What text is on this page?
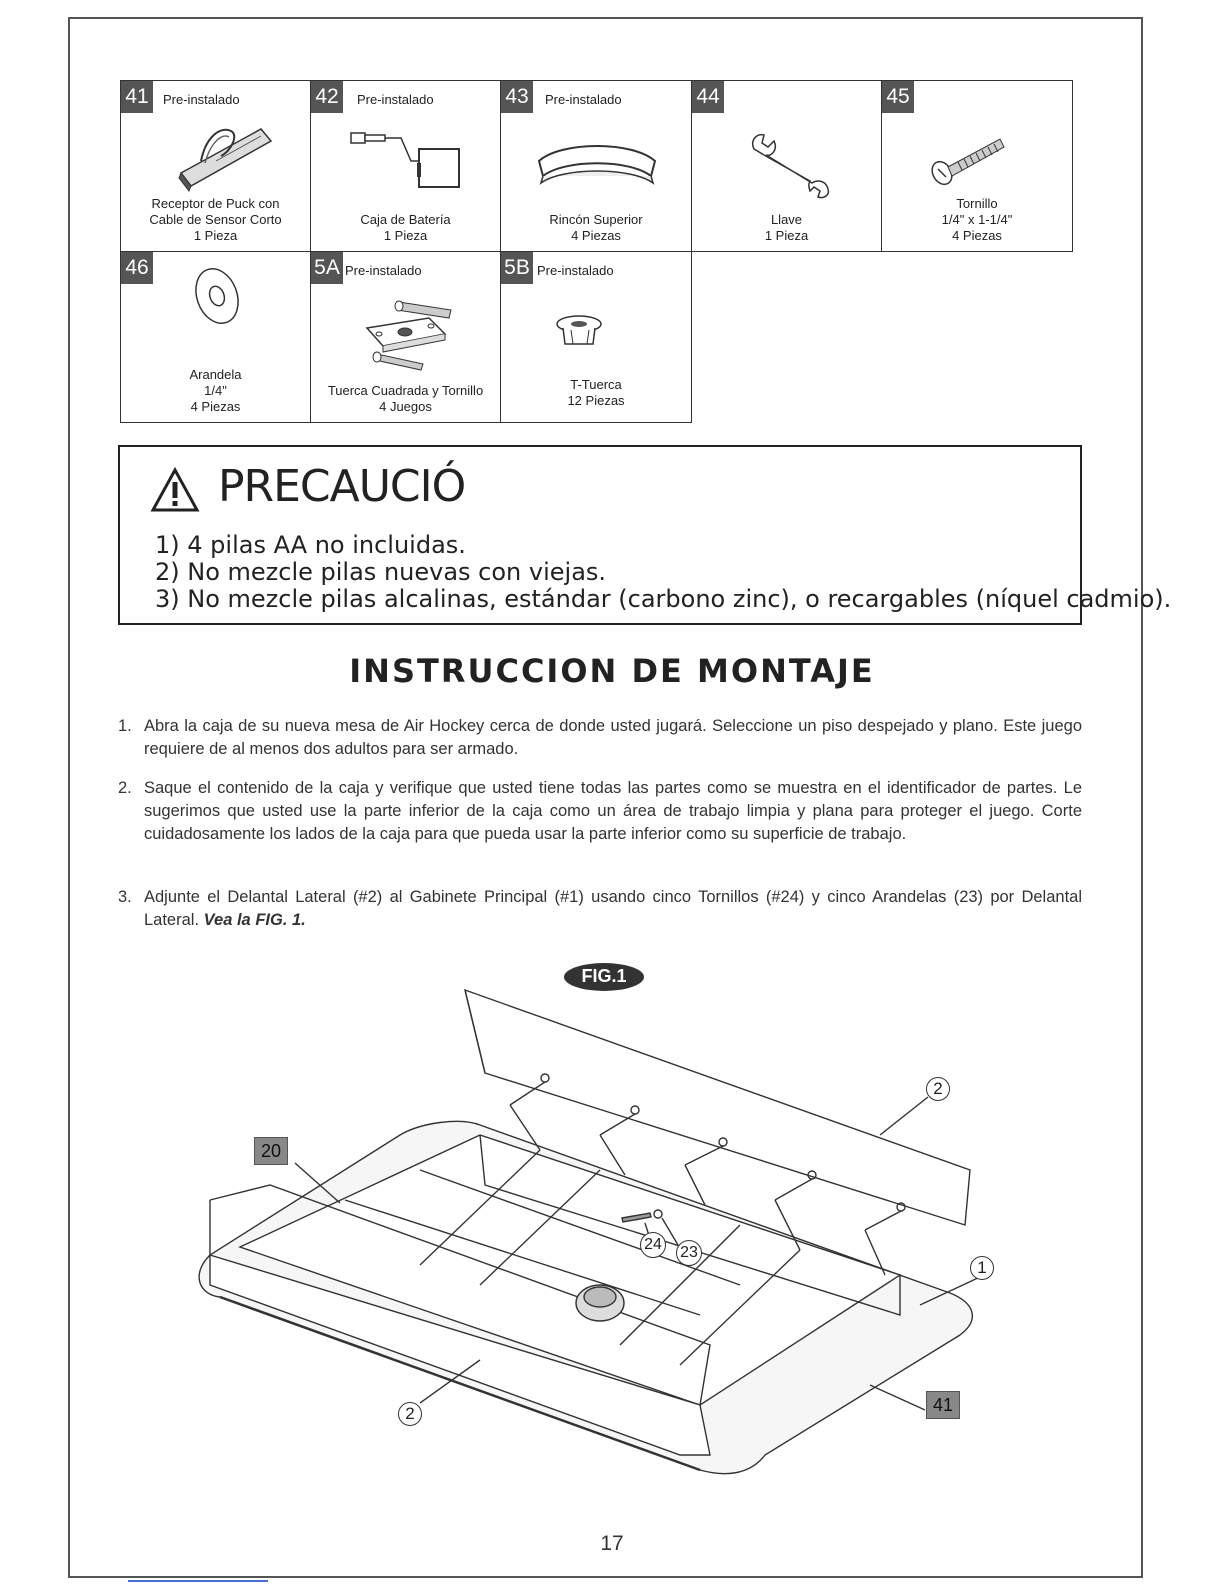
41	Pre-instalado
Receptor de Puck con
Cable de Sensor Corto
1 Pieza
42	Pre-instalado
Caja de Batería
1 Pieza
43	Pre-instalado
Rincón Superior
4 Piezas
44
Llave
1 Pieza
45
Tornillo
1/4" x 1-1/4"
4 Piezas
46
Arandela
1/4"
4 Piezas
5A Pre-instalado
Tuerca Cuadrada y Tornillo
4 Juegos
5B Pre-instalado
T-Tuerca
12 Piezas
PRECAUCIÓ
1) 4 pilas AA no incluidas.
2) No mezcle pilas nuevas con viejas.
3) No mezcle pilas alcalinas, estándar (carbono zinc), o recargables (níquel cadmio).
INSTRUCCION DE MONTAJE
1. Abra la caja de su nueva mesa de Air Hockey cerca de donde usted jugará. Seleccione un piso despejado y plano. Este juego requiere de al menos dos adultos para ser armado.
2. Saque el contenido de la caja y verifique que usted tiene todas las partes como se muestra en el identificador de partes. Le sugerimos que usted use la parte inferior de la caja como un área de trabajo limpia y plana para proteger el juego. Corte cuidadosamente los lados de la caja para que pueda usar la parte inferior como su superficie de trabajo.
3. Adjunte el Delantal Lateral (#2) al Gabinete Principal (#1) usando cinco Tornillos (#24) y cinco Arandelas (23) por Delantal Lateral. Vea la FIG. 1.
FIG.1
2
1
24 23
2
20
41
17
